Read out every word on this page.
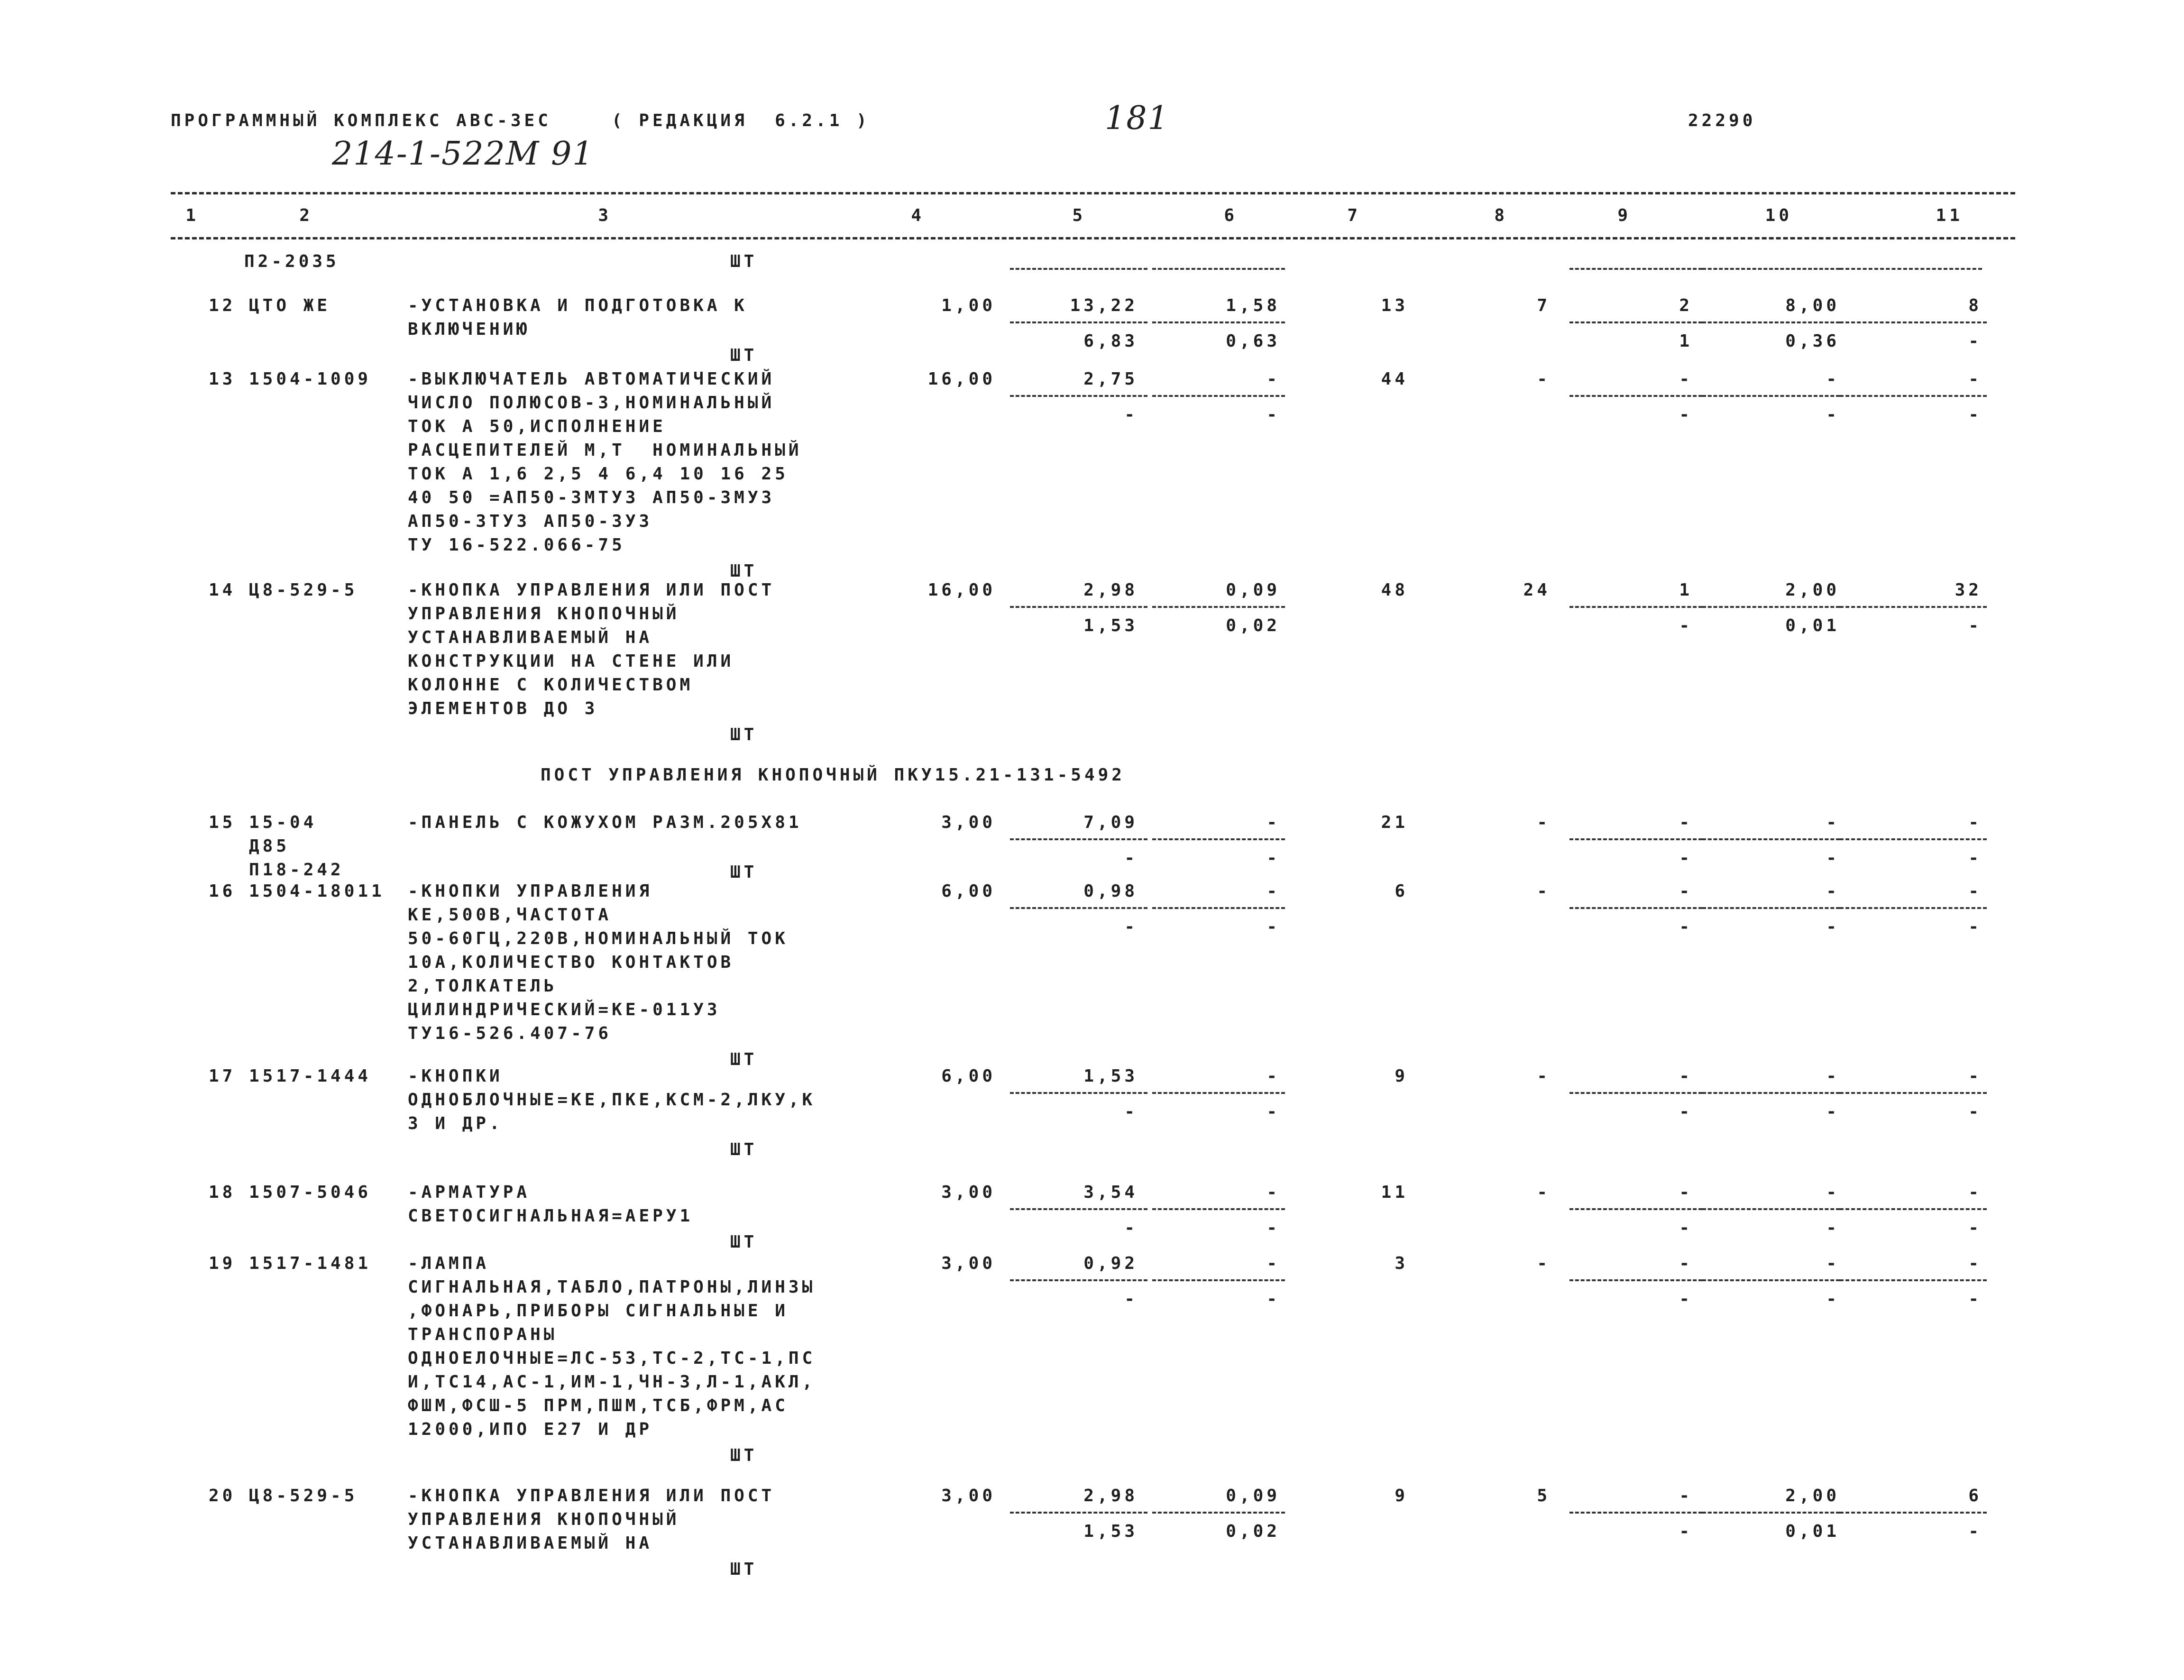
ПРОГРАММНЫЙ КОМПЛЕКС АВС-ЗЕС	( РЕДАКЦИЯ  6.2.1 )	181	22290
214-1-522М 91
1	2	3	4	5	6	7	8	9	10	11
П2-2035	ШТ
12 ЦТО ЖЕ	-УСТАНОВКА И ПОДГОТОВКА К
ВКЛЮЧЕНИЮ
1,00	13,22	1,58	13	7	2	8,00	8
6,83	0,63	1	0,36	-
ШТ
13 1504-1009 -ВЫКЛЮЧАТЕЛЬ АВТОМАТИЧЕСКИЙ
ЧИСЛО ПОЛЮСОВ-3,НОМИНАЛЬНЫЙ
ТОК А 50,ИСПОЛНЕНИЕ
РАСЦЕПИТЕЛЕЙ М,Т  НОМИНАЛЬНЫЙ
ТОК А 1,6 2,5 4 6,4 10 16 25
40 50 =АП50-3МТУ3 АП50-3МУ3
АП50-3ТУ3 АП50-3У3
ТУ 16-522.066-75
16,00	2,75	-	44	-	-	-	-
-	-	-	-	-
ШТ
14 Ц8-529-5	-КНОПКА УПРАВЛЕНИЯ ИЛИ ПОСТ
УПРАВЛЕНИЯ КНОПОЧНЫЙ
УСТАНАВЛИВАЕМЫЙ НА
КОНСТРУКЦИИ НА СТЕНЕ ИЛИ
КОЛОННЕ С КОЛИЧЕСТВОМ
ЭЛЕМЕНТОВ ДО 3
16,00	2,98	0,09	48	24	1	2,00	32
1,53	0,02	-	0,01	-
ШТ
ПОСТ УПРАВЛЕНИЯ КНОПОЧНЫЙ ПКУ15.21-131-5492
15 15-04
Д85
П18-242
-ПАНЕЛЬ С КОЖУХОМ РАЗМ.205Х81	3,00	7,09	-	21	-	-	-	-
-	-	-	-	-
ШТ
16 1504-18011 -КНОПКИ УПРАВЛЕНИЯ
КЕ,500В,ЧАСТОТА
50-60ГЦ,220В,НОМИНАЛЬНЫЙ ТОК
10А,КОЛИЧЕСТВО КОНТАКТОВ
2,ТОЛКАТЕЛЬ
ЦИЛИНДРИЧЕСКИЙ=КЕ-011У3
ТУ16-526.407-76
6,00	0,98	-	6	-	-	-	-
-	-	-	-	-
ШТ
17 1517-1444 -КНОПКИ
ОДНОБЛОЧНЫЕ=КЕ,ПКЕ,КСМ-2,ЛКУ,К
3 И ДР.
6,00	1,53	-	9	-	-	-	-
-	-	-	-	-
ШТ
18 1507-5046 -АРМАТУРА
СВЕТОСИГНАЛЬНАЯ=АЕРУ1
3,00	3,54	-	11	-	-	-	-
-	-	-	-	-
ШТ
19 1517-1481 -ЛАМПА
СИГНАЛЬНАЯ,ТАБЛО,ПАТРОНЫ,ЛИНЗЫ
,ФОНАРЬ,ПРИБОРЫ СИГНАЛЬНЫЕ И
ТРАНСПОРАНЫ
ОДНОЕЛОЧНЫЕ=ЛС-53,ТС-2,ТС-1,ПС
И,ТС14,АС-1,ИМ-1,ЧН-3,Л-1,АКЛ,
ФШМ,ФСШ-5 ПРМ,ПШМ,ТСБ,ФРМ,АС
12000,ИПО Е27 И ДР
3,00	0,92	-	3	-	-	-	-
-	-	-	-	-
ШТ
20 Ц8-529-5	-КНОПКА УПРАВЛЕНИЯ ИЛИ ПОСТ
УПРАВЛЕНИЯ КНОПОЧНЫЙ
УСТАНАВЛИВАЕМЫЙ НА
3,00	2,98	0,09	9	5	-	2,00	6
1,53	0,02	-	0,01	-
ШТ
